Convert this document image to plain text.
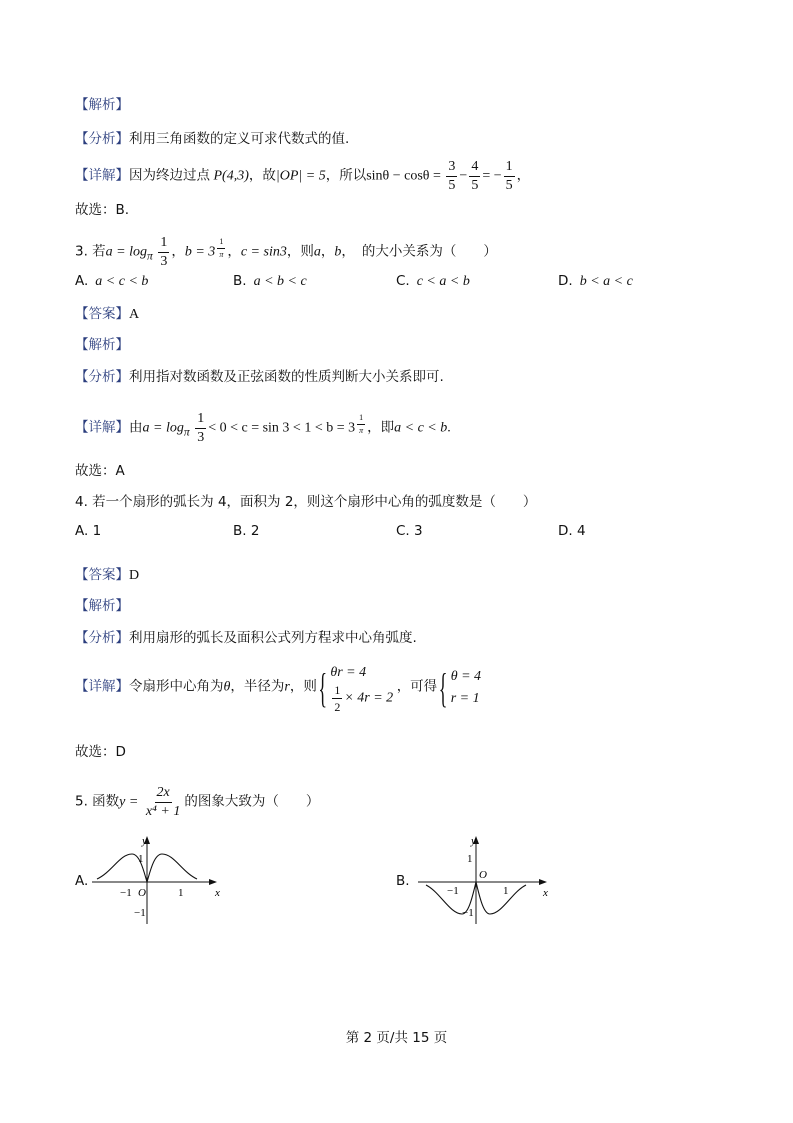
【解析】
【分析】利用三角函数的定义可求代数式的值.
【详解】因为终边过点 P(4,3)，故|OP| = 5，所以$\sin\theta - \cos\theta = \frac{3}{5} - \frac{4}{5}$ = − $\frac{1}{5}$ ，
故选：B.
3. 若$a = \log_\pi \frac{1}{3}$ ，b = 3 $^{\frac{1}{\pi}}$ ，c = sin3，则a，b， 的大小关系为（　　）
A. a < c < b	B. a < b < c	C. c < a < b	D. b < a < c
【答案】A
【解析】
【分析】利用指对数函数及正弦函数的性质判断大小关系即可.
【详解】由$a = \log_\pi \frac{1}{3} < 0 < c = \sin 3 < 1 < b = 3$ $^{\frac{1}{\pi}}$ ，即a < c < b.
故选：A
4. 若一个扇形的弧长为 4，面积为 2，则这个扇形中心角的弧度数是（　　）
A. 1	B. 2	C. 3	D. 4
【答案】D
【解析】
【分析】利用扇形的弧长及面积公式列方程求中心角弧度.
【详解】令扇形中心角为θ，半径为r，则
{ θr = 4
$\frac{1}{2} \times 4r = 2$
，可得
{ θ = 4
r = 1
故选：D
5. 函数$y = \frac{2x}{\text{x⁴ + 1}}$ 的图象大致为（　　）
A.
y
x
O
1
−1
−1	1
B.
y
x
O
1
−1
−1	1
第 2 页/共 15 页
